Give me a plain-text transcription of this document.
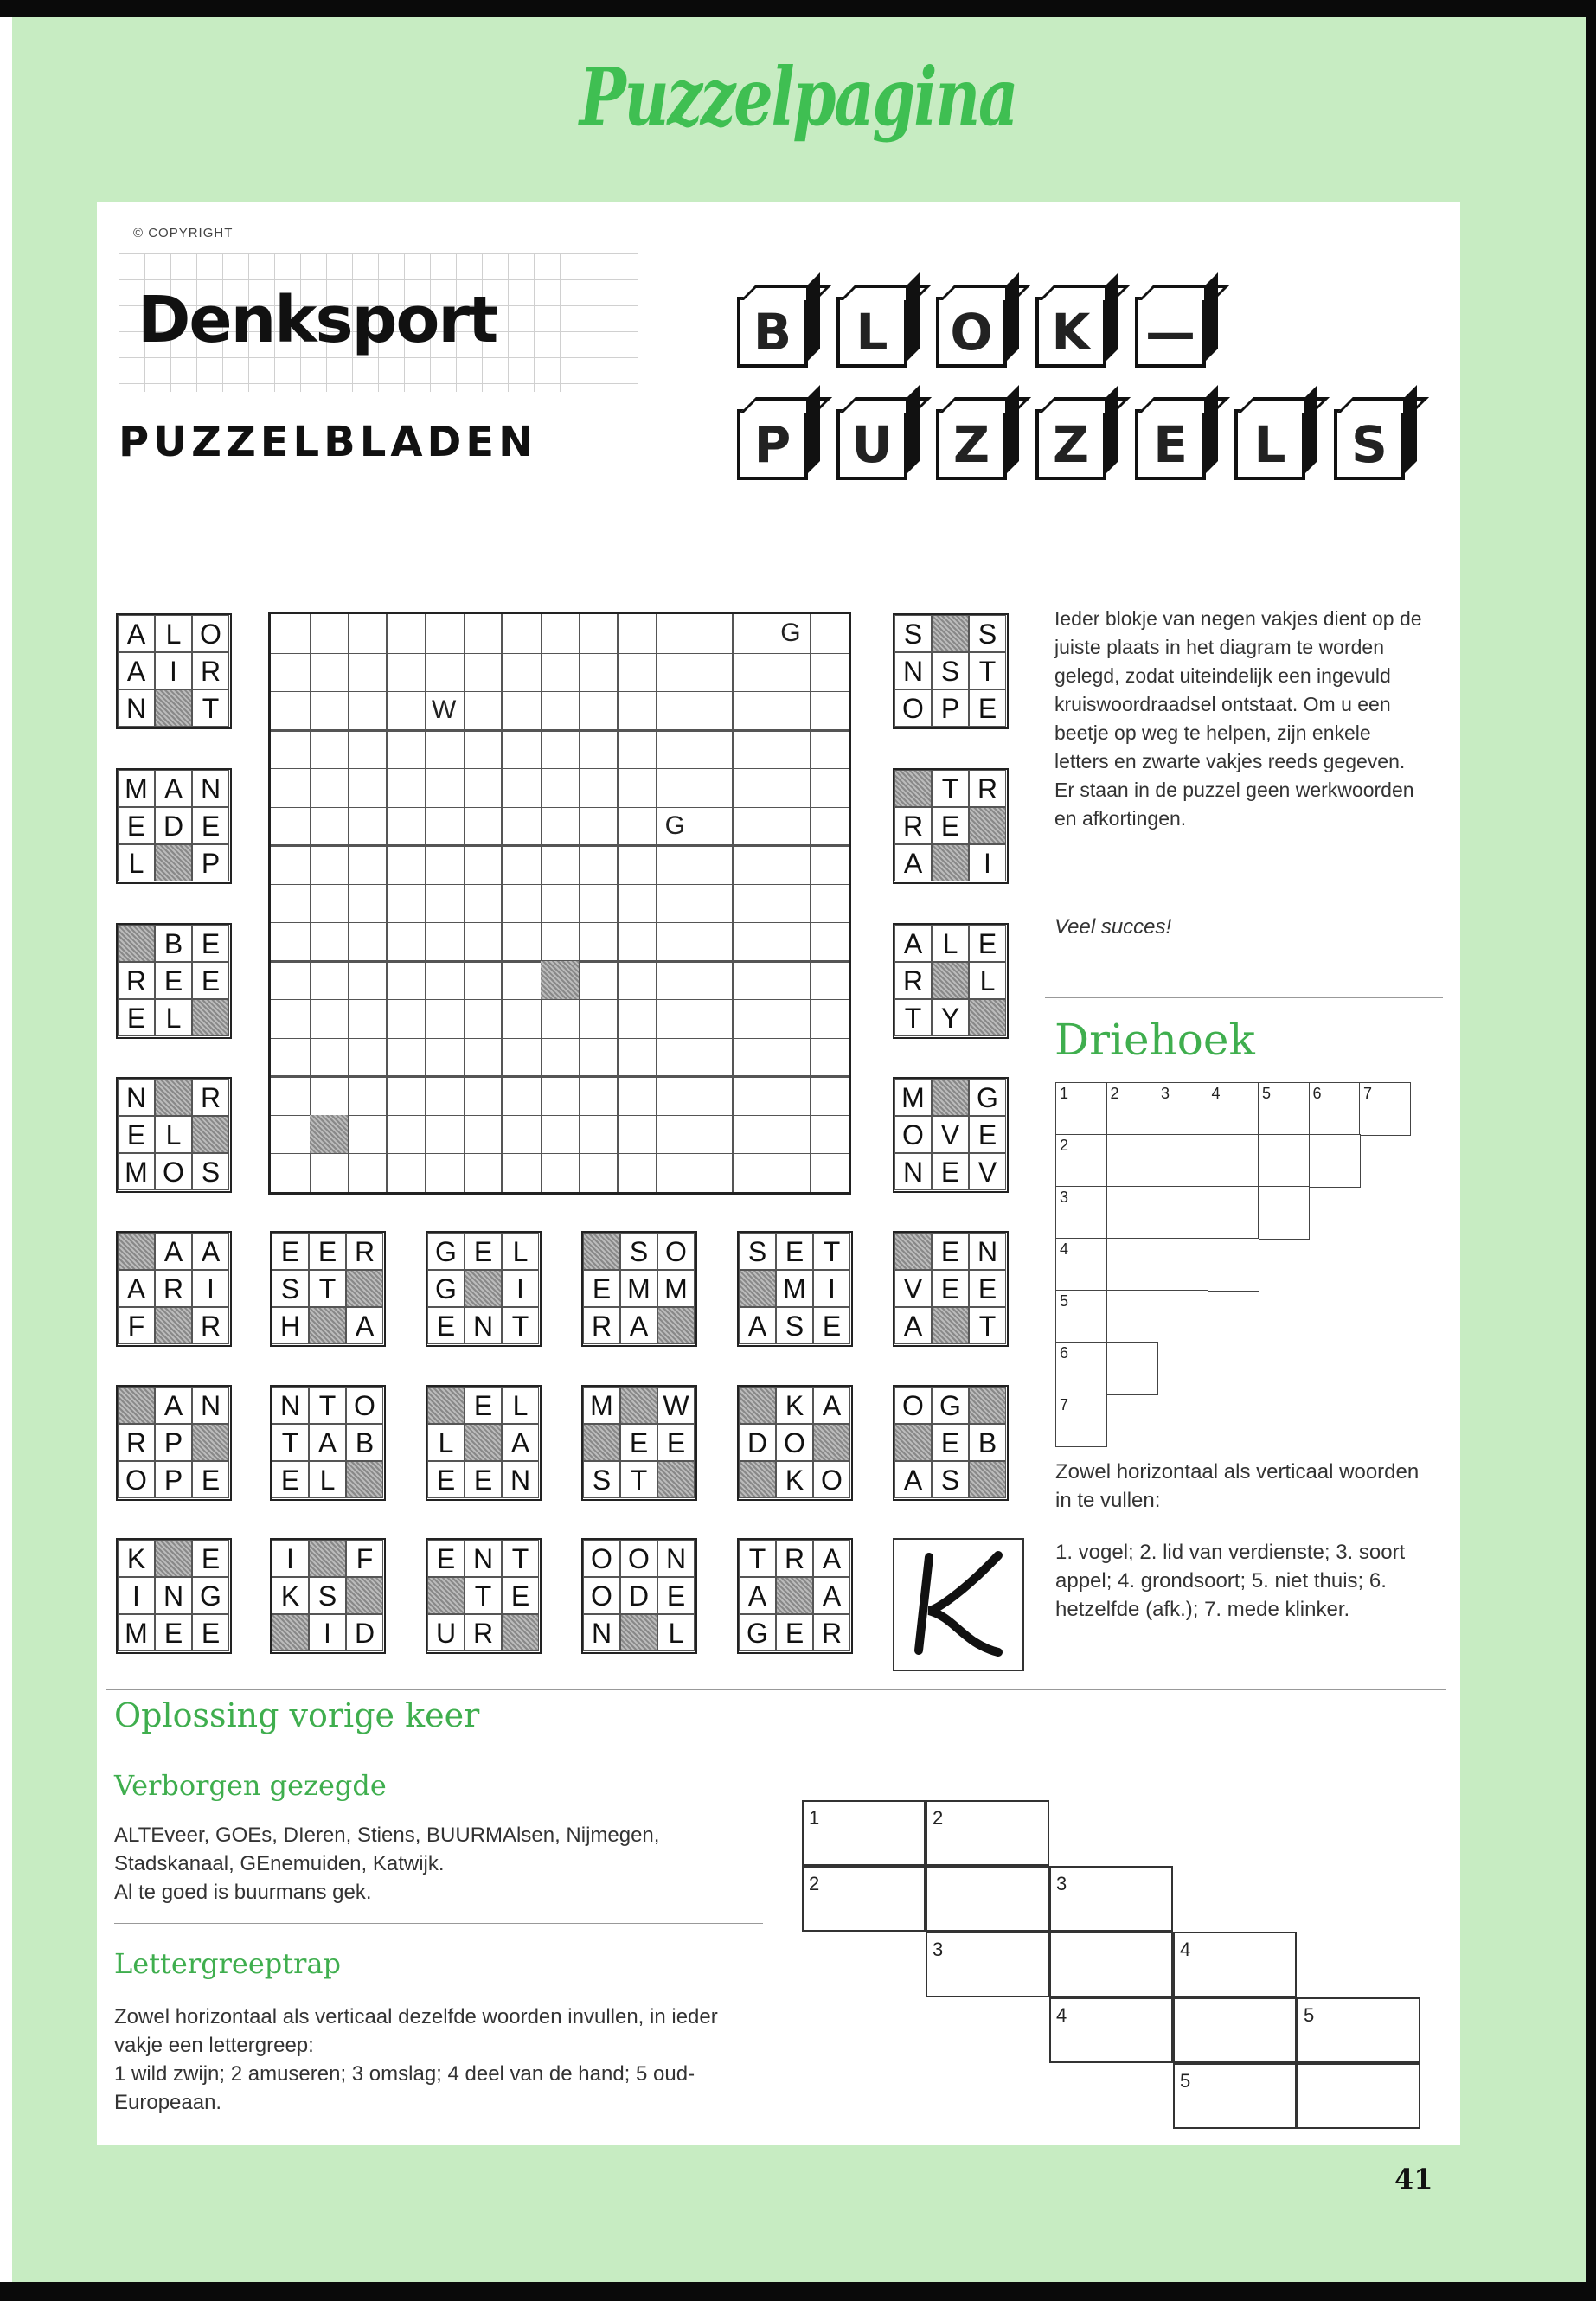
Puzzelpagina
© COPYRIGHT
Denksport
PUZZELBLADEN
B	L	O	K	—
P	U	Z	Z	E	L	S
A L O
A I R
N	T
M A N
E D E
L	P
B E
R E E
E L
N	R
E L
M O S
S	S
N S T
O P E
T R
R E
A	I
A L E
R	L
T Y
M G
O V E
N E V
A A
A R I
F	R
E E R
S T
H	A
G E L
G	I
E N T
S O
E M M
R A
S E T
M I
A S E
E N
V E E
A	T
A N
R P
O P E
N T O
T A B
E L
E L
L	A
E E N
M W
E E
S T
K A
D O
K O
O G
E B
A S
K	E
I N G
M E E
I	F
K S
I D
E N T
T E
U R
O O N
O D E
N	L
T R A
A	A
G E R
G
W
G
Ieder blokje van negen vakjes dient op de juiste plaats in het diagram te worden gelegd, zodat uiteindelijk een ingevuld kruiswoordraadsel ontstaat. Om u een beetje op weg te helpen, zijn enkele letters en zwarte vakjes reeds gegeven. Er staan in de puzzel geen werkwoorden en afkortingen.
Veel succes!
Driehoek
1	2	3	4	5	6	7
2
3
4
5
6
7
Zowel horizontaal als verticaal woorden in te vullen:
1. vogel; 2. lid van verdienste; 3. soort appel; 4. grondsoort; 5. niet thuis; 6. hetzelfde (afk.); 7. mede klinker.
Oplossing vorige keer
Verborgen gezegde
ALTEveer, GOEs, DIeren, Stiens, BUURMAlsen, Nijmegen, Stadskanaal, GEnemuiden, Katwijk.
Al te goed is buurmans gek.
Lettergreeptrap
Zowel horizontaal als verticaal dezelfde woorden invullen, in ieder vakje een lettergreep:
1 wild zwijn; 2 amuseren; 3 omslag; 4 deel van de hand; 5 oud-Europeaan.
1	2
2	3
3	4
4	5
5
41
